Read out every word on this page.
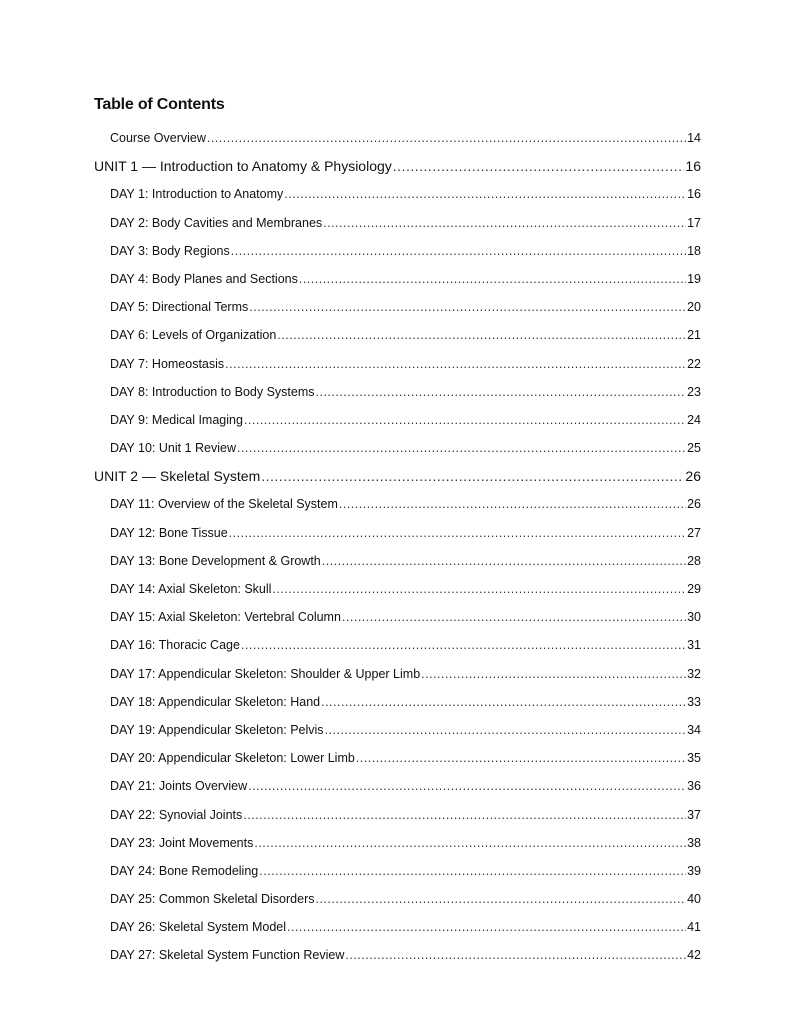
Table of Contents
Course Overview .....	14
UNIT 1 — Introduction to Anatomy & Physiology .....	16
DAY 1: Introduction to Anatomy .....	16
DAY 2: Body Cavities and Membranes .....	17
DAY 3: Body Regions .....	18
DAY 4: Body Planes and Sections .....	19
DAY 5: Directional Terms .....	20
DAY 6: Levels of Organization .....	21
DAY 7: Homeostasis .....	22
DAY 8: Introduction to Body Systems .....	23
DAY 9: Medical Imaging .....	24
DAY 10: Unit 1 Review .....	25
UNIT 2 — Skeletal System .....	26
DAY 11: Overview of the Skeletal System .....	26
DAY 12: Bone Tissue .....	27
DAY 13: Bone Development & Growth .....	28
DAY 14: Axial Skeleton: Skull .....	29
DAY 15: Axial Skeleton: Vertebral Column .....	30
DAY 16: Thoracic Cage .....	31
DAY 17: Appendicular Skeleton: Shoulder & Upper Limb .....	32
DAY 18: Appendicular Skeleton: Hand .....	33
DAY 19: Appendicular Skeleton: Pelvis .....	34
DAY 20: Appendicular Skeleton: Lower Limb .....	35
DAY 21: Joints Overview .....	36
DAY 22: Synovial Joints .....	37
DAY 23: Joint Movements .....	38
DAY 24: Bone Remodeling .....	39
DAY 25: Common Skeletal Disorders .....	40
DAY 26: Skeletal System Model .....	41
DAY 27: Skeletal System Function Review .....	42
